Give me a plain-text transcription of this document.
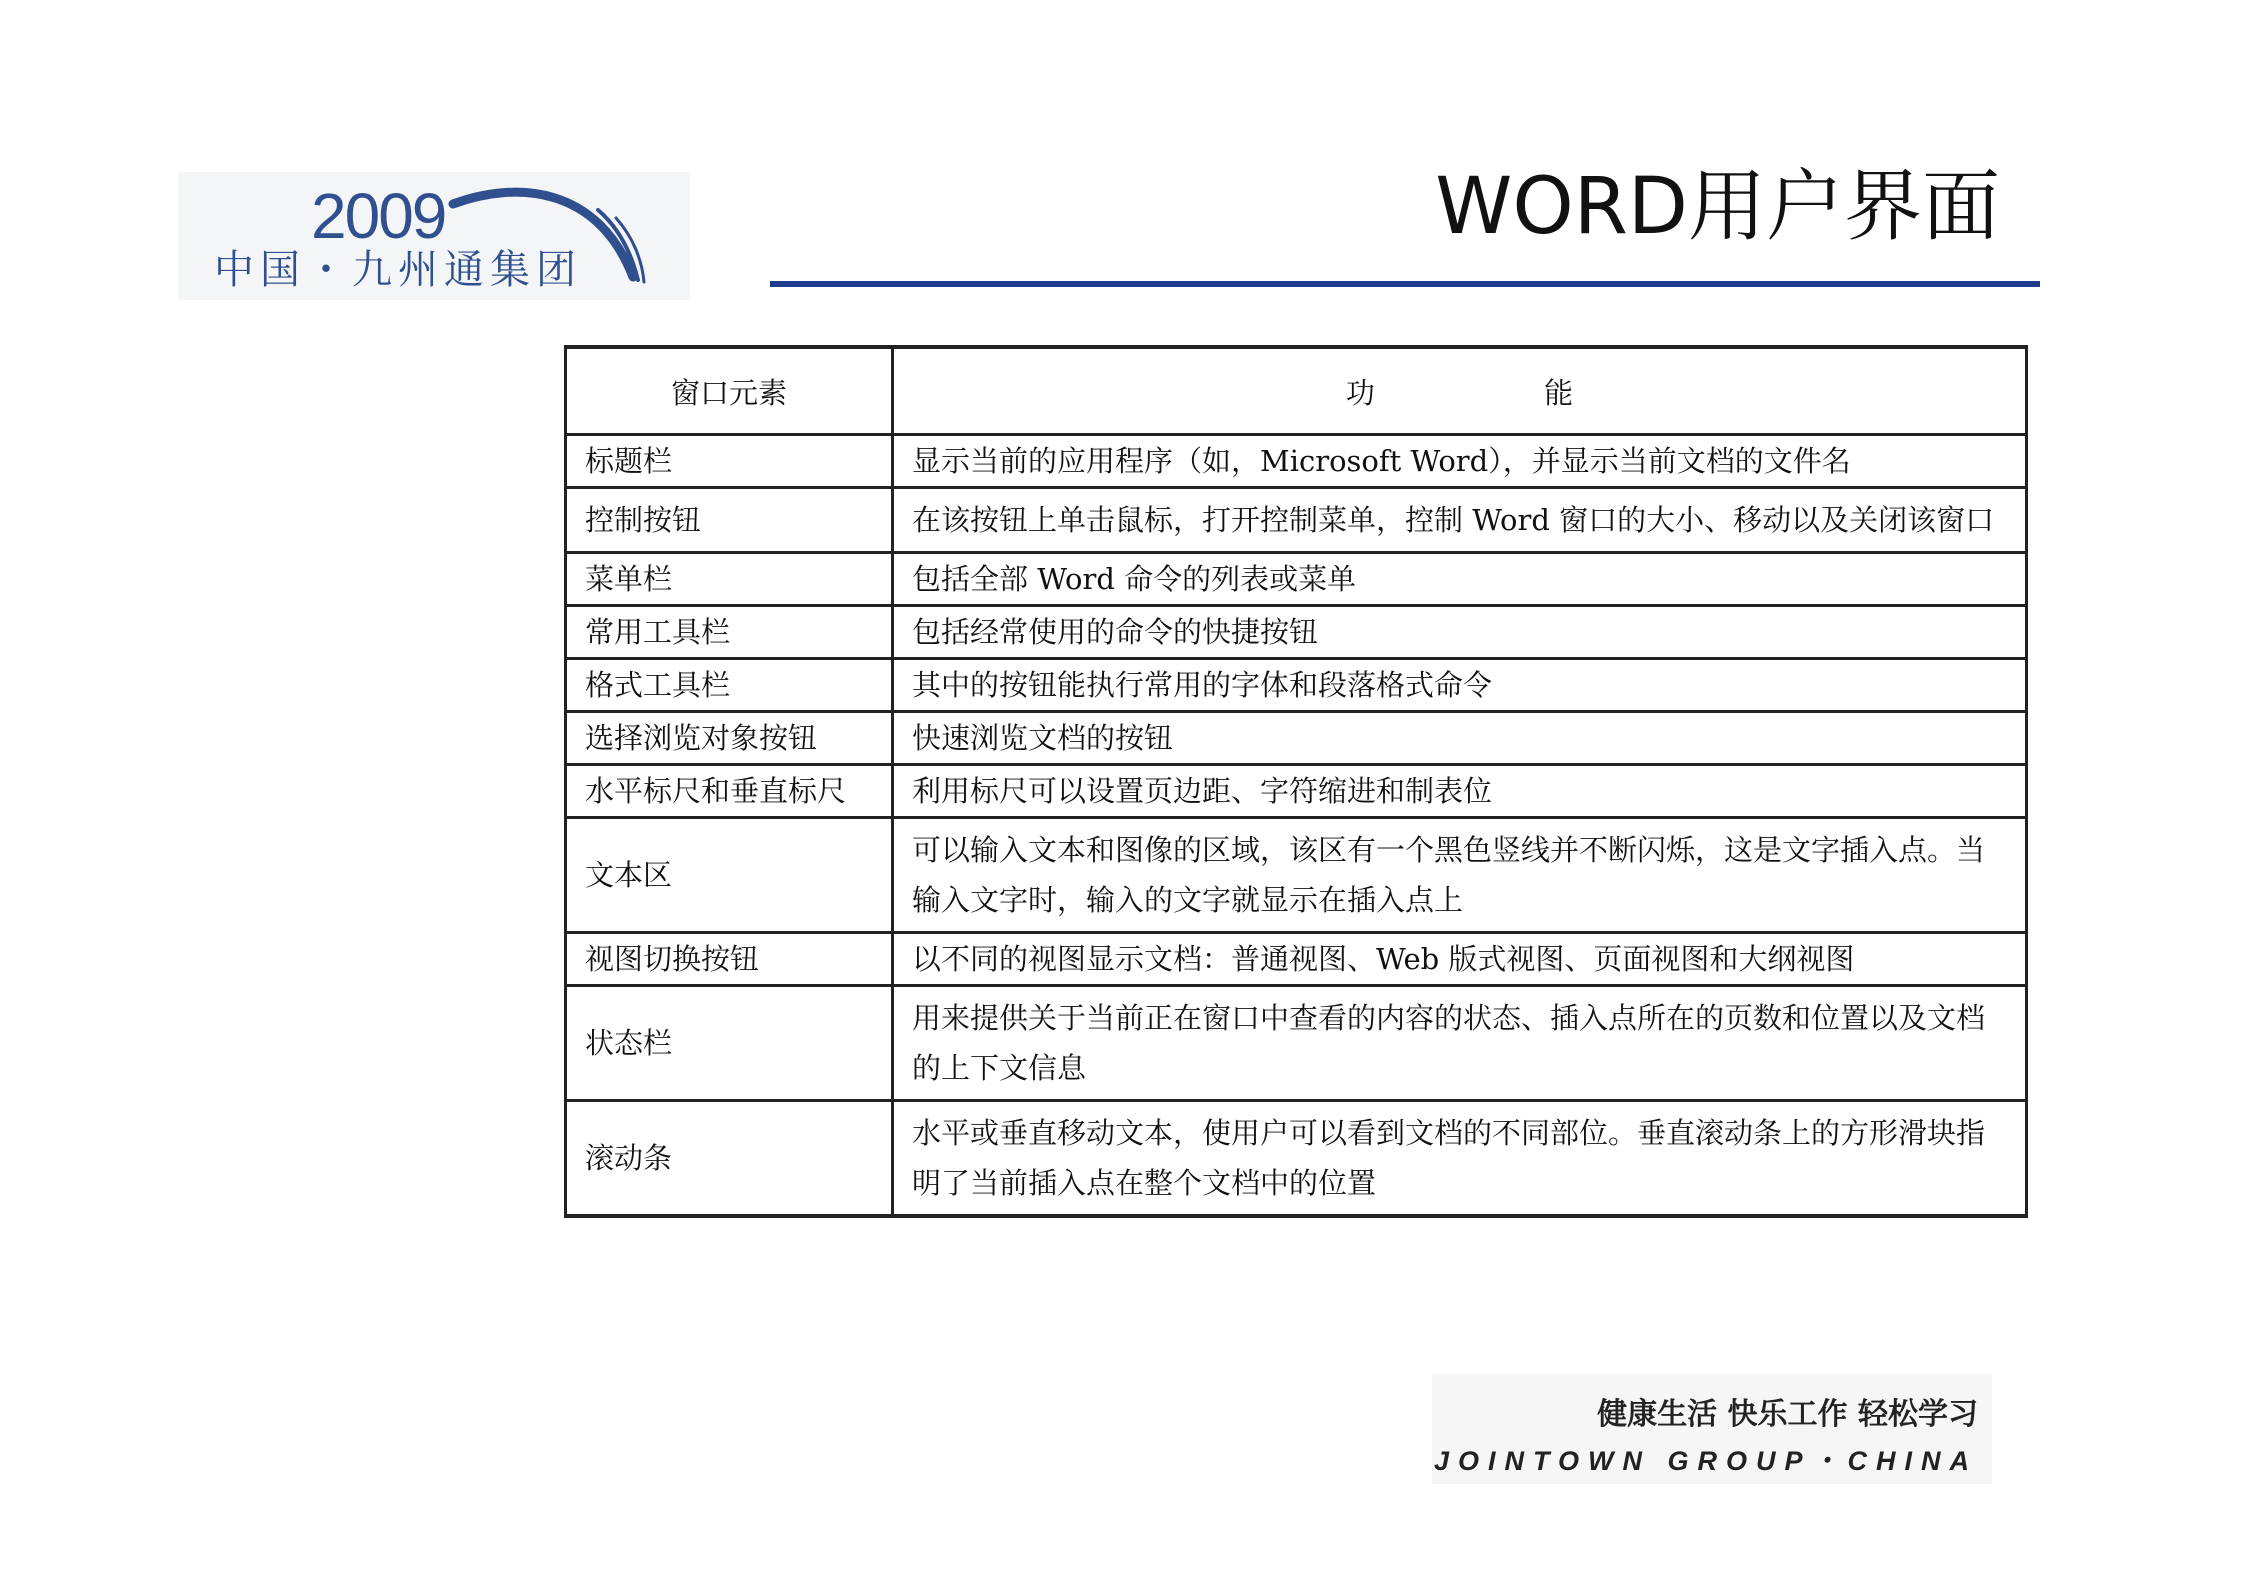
2009
中国・九州通集团
WORD用户界面
窗口元素	功 能
标题栏	显示当前的应用程序（如，Microsoft Word），并显示当前文档的文件名
控制按钮	在该按钮上单击鼠标，打开控制菜单，控制 Word 窗口的大小、移动以及关闭该窗口
菜单栏	包括全部 Word 命令的列表或菜单
常用工具栏	包括经常使用的命令的快捷按钮
格式工具栏	其中的按钮能执行常用的字体和段落格式命令
选择浏览对象按钮	快速浏览文档的按钮
水平标尺和垂直标尺	利用标尺可以设置页边距、字符缩进和制表位
文本区	可以输入文本和图像的区域，该区有一个黑色竖线并不断闪烁，这是文字插入点。当输入文字时，输入的文字就显示在插入点上
视图切换按钮	以不同的视图显示文档：普通视图、Web 版式视图、页面视图和大纲视图
状态栏	用来提供关于当前正在窗口中查看的内容的状态、插入点所在的页数和位置以及文档的上下文信息
滚动条	水平或垂直移动文本，使用户可以看到文档的不同部位。垂直滚动条上的方形滑块指明了当前插入点在整个文档中的位置
健康生活 快乐工作 轻松学习
JOINTOWN GROUP・CHINA
